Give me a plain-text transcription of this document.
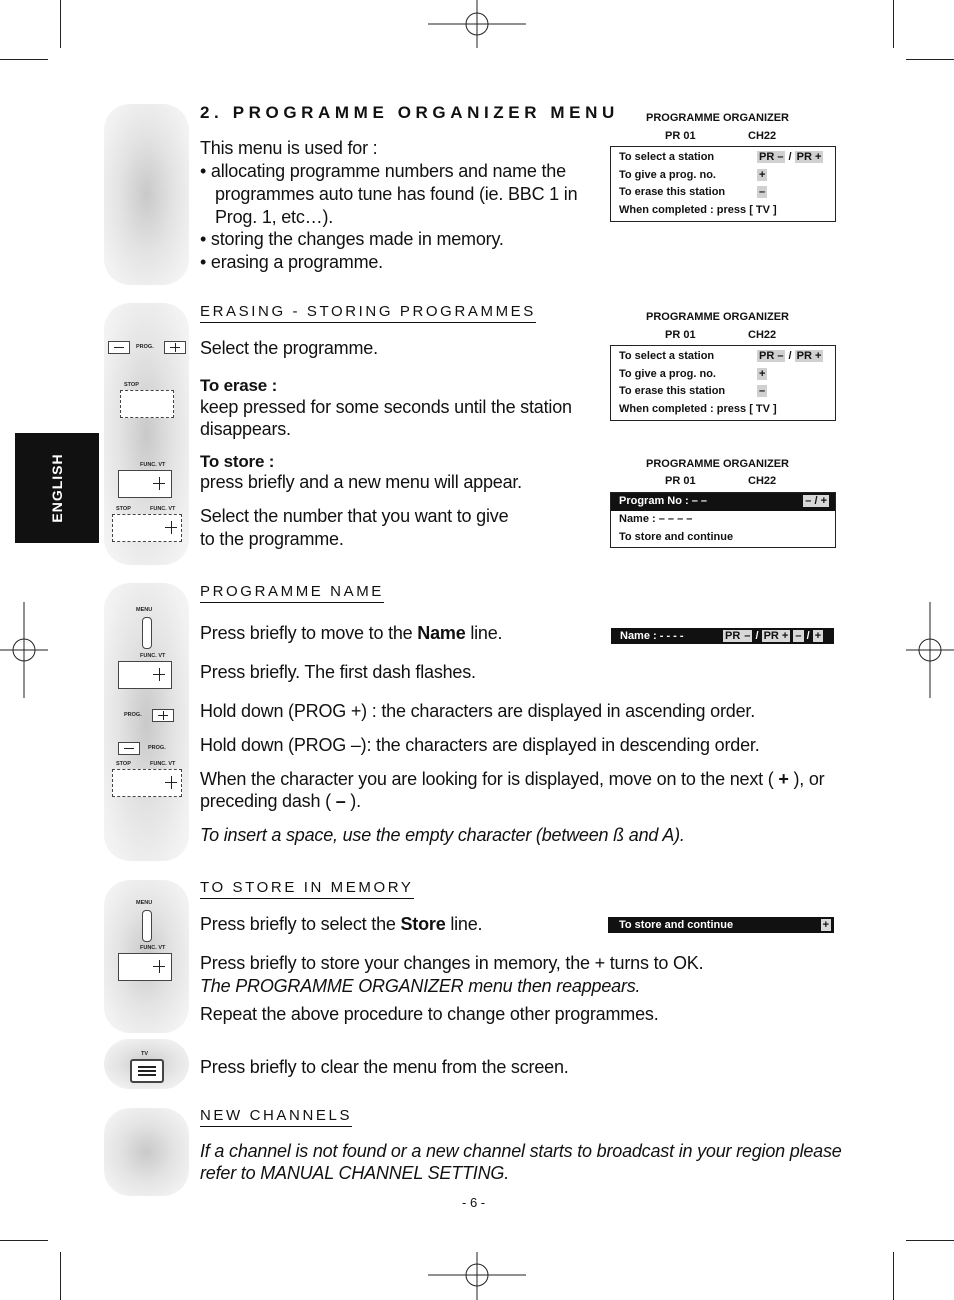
ENGLISH
PROG.
STOP
FUNC. VT
STOP	FUNC. VT
MENU
FUNC. VT
PROG.
PROG.
STOP	FUNC. VT
MENU
FUNC. VT
TV
2. PROGRAMME ORGANIZER MENU
This menu is used for :
• allocating programme numbers and name the
programmes auto tune has found (ie. BBC 1 in
Prog. 1, etc…).
• storing the changes made in memory.
• erasing a programme.
PROGRAMME ORGANIZER
PR 01	CH22
To select a station	PR – / PR +
To give a prog. no.	+
To erase this station	–
When completed : press [ TV ]
ERASING - STORING PROGRAMMES
Select the programme.
To erase :
keep pressed for some seconds until the station
disappears.
To store :
press briefly and a new menu will appear.
Select the number that you want to give
to the programme.
PROGRAMME ORGANIZER
PR 01	CH22
To select a station	PR – / PR +
To give a prog. no.	+
To erase this station	–
When completed : press [ TV ]
PROGRAMME ORGANIZER
PR 01	CH22
Program No : – –	– / +
Name : – – – –
To store and continue
PROGRAMME NAME
Press briefly to move to the Name line.	Name : - - - -	PR – / PR + – / +
Press briefly. The first dash flashes.
Hold down (PROG +) : the characters are displayed in ascending order.
Hold down (PROG –): the characters are displayed in descending order.
When the character you are looking for is displayed, move on to the next ( + ), or
preceding dash ( – ).
To insert a space, use the empty character (between ß and A).
TO STORE IN MEMORY
Press briefly to select the Store line.	To store and continue	+
Press briefly to store your changes in memory, the + turns to OK.
The PROGRAMME ORGANIZER menu then reappears.
Repeat the above procedure to change other programmes.
Press briefly to clear the menu from the screen.
NEW CHANNELS
If a channel is not found or a new channel starts to broadcast in your region please
refer to MANUAL CHANNEL SETTING.
- 6 -
